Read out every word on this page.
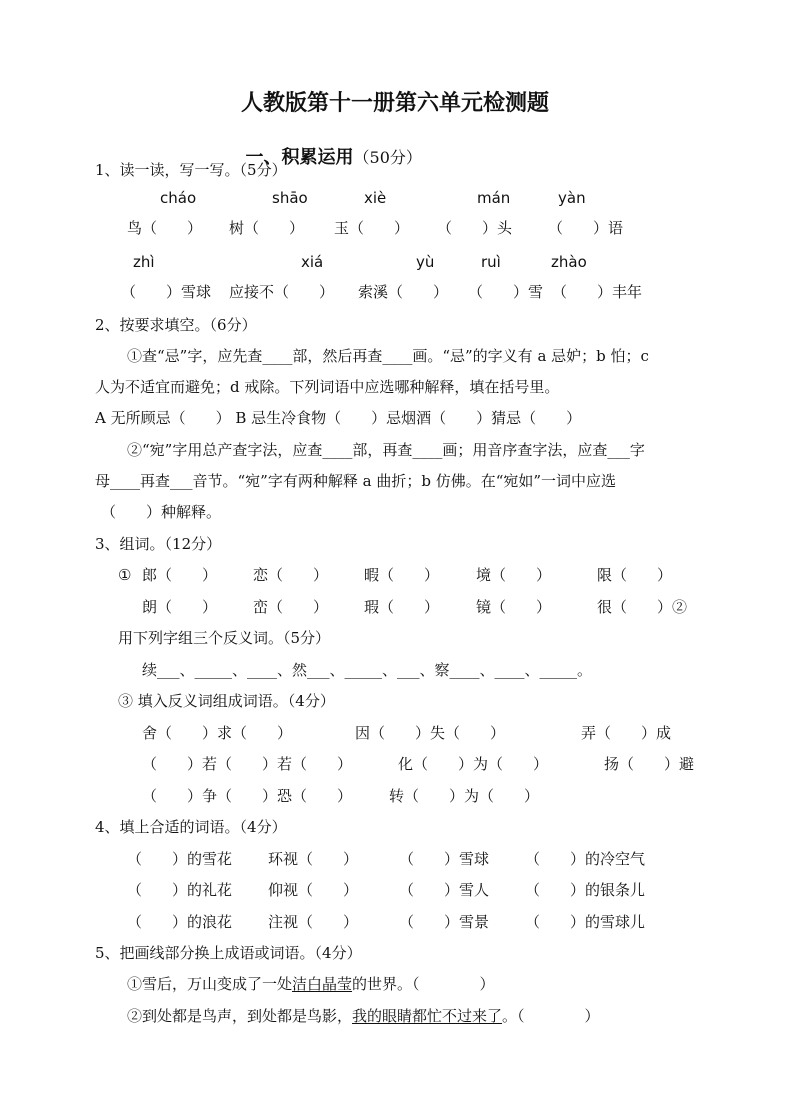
人教版第十一册第六单元检测题

一、积累运用（50分）

1、读一读，写一写。（5分）
cháo	shāo	xiè	mán	yàn
鸟（　　） 树（　　） 玉（　　） （　　）头 （　　）语
zhì	xiá	yù	ruì	zhào
（　　）雪球 应接不（　　） 索溪（　　） （　　）雪 （　　）丰年
2、按要求填空。（6分）
①查“忌”字，应先查____部，然后再查____画。“忌”的字义有 a 忌妒；b 怕；c
人为不适宜而避免；d 戒除。下列词语中应选哪种解释，填在括号里。
A 无所顾忌（　　） B 忌生冷食物（　　）忌烟酒（　　）猜忌（　　）
②“宛”字用总产查字法，应查____部，再查____画；用音序查字法，应查___字
母____再查___音节。“宛”字有两种解释 a 曲折；b 仿佛。在“宛如”一词中应选
（　　）种解释。
3、组词。（12分）
① 郎（　　） 恋（　　） 暇（　　） 境（　　）	限（　　）
朗（　　） 峦（　　） 瑕（　　） 镜（　　）	很（　　）②
用下列字组三个反义词。（5分）
续___、_____、____、然___、_____、___、察____、____、_____。
③ 填入反义词组成词语。（4分）
舍（　　）求（　　）	因（　　）失（　　）	弄（　　）成
（　　）若（　　）若（　　）	化（　　）为（　　）	扬（　　）避
（　　）争（　　）恐（　　） 转（　　）为（　　）
4、填上合适的词语。（4分）
（　　）的雪花 环视（　　）	（　　）雪球 （　　）的冷空气
（　　）的礼花 仰视（　　）	（　　）雪人 （　　）的银条儿
（　　）的浪花 注视（　　）	（　　）雪景 （　　）的雪球儿
5、把画线部分换上成语或词语。（4分）
①雪后，万山变成了一处洁白晶莹的世界。（　　　　）
②到处都是鸟声，到处都是鸟影，我的眼睛都忙不过来了。（　　　　）
